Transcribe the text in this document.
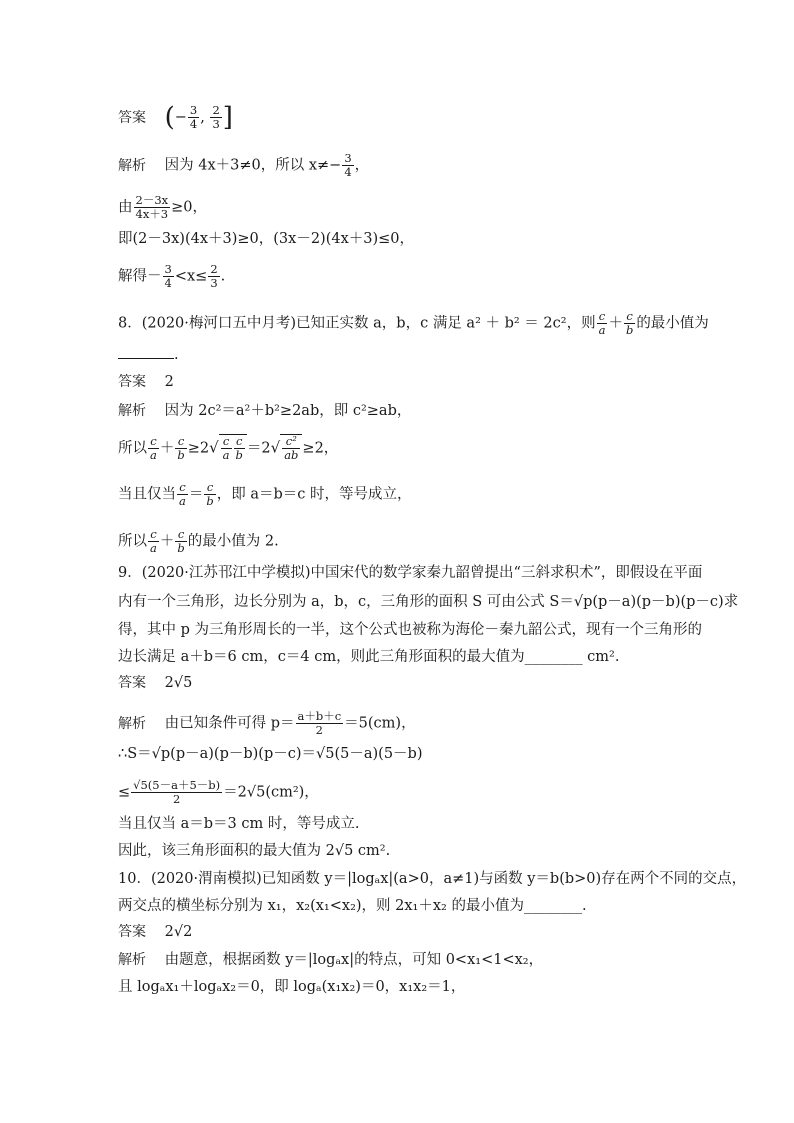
答案 (− $\frac{3}{4}$ , $\frac{2}{3}$ ]
解析 因为 4x＋3≠0，所以 $x\ne- \frac{3}{4}$ ，
由 $\frac{2-3x}{4x+3} \ge 0$，
即(2－3x)(4x＋3)≥0，(3x－2)(4x＋3)≤0，
解得－ $\frac{3}{4} <x\le \frac{2}{3}$ .
8．(2020·梅河口五中月考)已知正实数 a，b，c 满足 a² ＋ b² ＝ 2c²，则 $\frac{c}{a} + \frac{c}{b}$ 的最小值为
.
答案 2
解析 因为 2c²＝a²＋b²≥2ab，即 c²≥ab，
所以 $\frac{c}{a} + \frac{c}{b} \ge 2√ \frac{c}{a} \frac{c}{b} =2√ \frac{\text{c²}}{ab} \ge 2$，
当且仅当 $\frac{c}{a} = \frac{c}{b}$ ，即 a＝b＝c 时，等号成立，
所以 $\frac{c}{a} + \frac{c}{b}$ 的最小值为 2.
9．(2020·江苏邗江中学模拟)中国宋代的数学家秦九韶曾提出“三斜求积术”，即假设在平面
内有一个三角形，边长分别为 a，b，c，三角形的面积 S 可由公式 S＝√p(p－a)(p－b)(p－c)求
得，其中 p 为三角形周长的一半，这个公式也被称为海伦－秦九韶公式，现有一个三角形的
边长满足 a＋b＝6 cm，c＝4 cm，则此三角形面积的最大值为________ cm².
答案 2√5
解析 由已知条件可得 $p= \frac{a+b+c}{2} =5(cm)$，
∴S＝√p(p－a)(p－b)(p－c)＝√5(5－a)(5－b)
≤ $\frac{√5(5-a+5-b)}{2} =2√5(cm^2)$，
当且仅当 a＝b＝3 cm 时，等号成立.
因此，该三角形面积的最大值为 2√5 cm².
10．(2020·渭南模拟)已知函数 y＝|logₐx|(a>0，a≠1)与函数 y＝b(b>0)存在两个不同的交点，
两交点的横坐标分别为 x₁，x₂(x₁<x₂)，则 2x₁＋x₂ 的最小值为________.
答案 2√2
解析 由题意，根据函数 y＝|logₐx|的特点，可知 0<x₁<1<x₂，
且 logₐx₁＋logₐx₂＝0，即 logₐ(x₁x₂)＝0，x₁x₂＝1，
